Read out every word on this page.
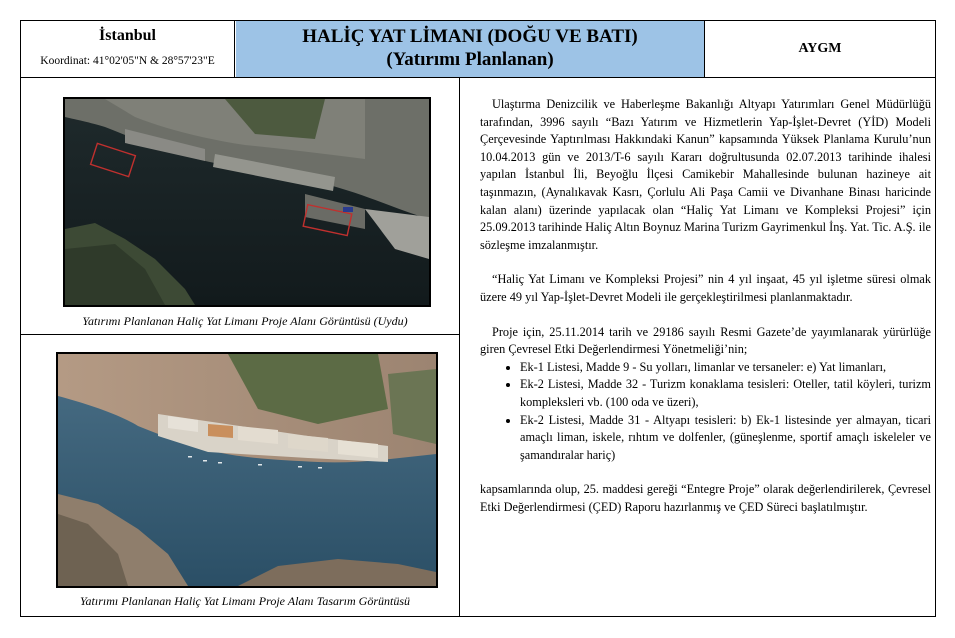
İstanbul
Koordinat: 41°02'05"N & 28°57'23"E
HALİÇ YAT LİMANI (DOĞU VE BATI)
(Yatırımı Planlanan)
AYGM
Yatırımı Planlanan Haliç Yat Limanı Proje Alanı Görüntüsü (Uydu)
Yatırımı Planlanan Haliç Yat Limanı Proje Alanı Tasarım Görüntüsü

Ulaştırma Denizcilik ve Haberleşme Bakanlığı Altyapı Yatırımları Genel Müdürlüğü tarafından, 3996 sayılı “Bazı Yatırım ve Hizmetlerin Yap-İşlet-Devret (YİD) Modeli Çerçevesinde Yaptırılması Hakkındaki Kanun” kapsamında Yüksek Planlama Kurulu’nun 10.04.2013 gün ve 2013/T-6 sayılı Kararı doğrultusunda 02.07.2013 tarihinde ihalesi yapılan İstanbul İli, Beyoğlu İlçesi Camikebir Mahallesinde bulunan hazineye ait taşınmazın, (Aynalıkavak Kasrı, Çorlulu Ali Paşa Camii ve Divanhane Binası haricinde kalan alanı) üzerinde yapılacak olan “Haliç Yat Limanı ve Kompleksi Projesi” için 25.09.2013 tarihinde Haliç Altın Boynuz Marina Turizm Gayrimenkul İnş. Yat. Tic. A.Ş. ile sözleşme imzalanmıştır.

“Haliç Yat Limanı ve Kompleksi Projesi” nin 4 yıl inşaat, 45 yıl işletme süresi olmak üzere 49 yıl Yap-İşlet-Devret Modeli ile gerçekleştirilmesi planlanmaktadır.

Proje için, 25.11.2014 tarih ve 29186 sayılı Resmi Gazete’de yayımlanarak yürürlüğe giren Çevresel Etki Değerlendirmesi Yönetmeliği’nin;

• Ek-1 Listesi, Madde 9 - Su yolları, limanlar ve tersaneler: e) Yat limanları,
• Ek-2 Listesi, Madde 32 - Turizm konaklama tesisleri: Oteller, tatil köyleri, turizm kompleksleri vb. (100 oda ve üzeri),
• Ek-2 Listesi, Madde 31 - Altyapı tesisleri: b) Ek-1 listesinde yer almayan, ticari amaçlı liman, iskele, rıhtım ve dolfenler, (güneşlenme, sportif amaçlı iskeleler ve şamandıralar hariç)

kapsamlarında olup, 25. maddesi gereği “Entegre Proje” olarak değerlendirilerek, Çevresel Etki Değerlendirmesi (ÇED) Raporu hazırlanmış ve ÇED Süreci başlatılmıştır.
